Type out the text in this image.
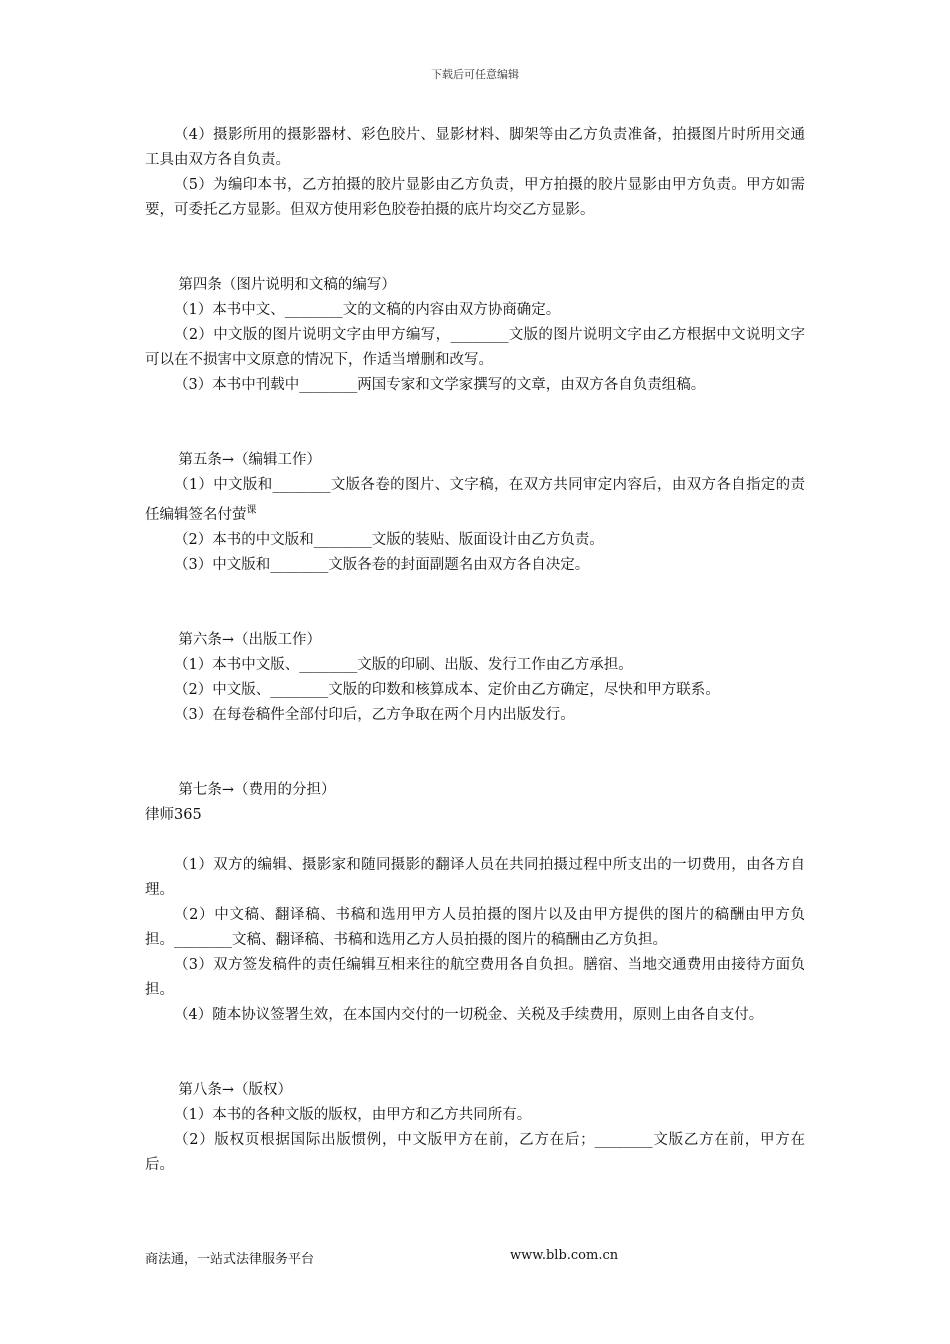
下载后可任意编辑

（4）摄影所用的摄影器材、彩色胶片、显影材料、脚架等由乙方负责准备，拍摄图片时所用交通工具由双方各自负责。

（5）为编印本书，乙方拍摄的胶片显影由乙方负责，甲方拍摄的胶片显影由甲方负责。甲方如需要，可委托乙方显影。但双方使用彩色胶卷拍摄的底片均交乙方显影。

第四条（图片说明和文稿的编写）

（1）本书中文、________文的文稿的内容由双方协商确定。

（2）中文版的图片说明文字由甲方编写，________文版的图片说明文字由乙方根据中文说明文字可以在不损害中文原意的情况下，作适当增删和改写。

（3）本书中刊载中________两国专家和文学家撰写的文章，由双方各自负责组稿。

第五条→（编辑工作）

（1）中文版和________文版各卷的图片、文字稿，在双方共同审定内容后，由双方各自指定的责任编辑签名付萤$^课$

（2）本书的中文版和________文版的装贴、版面设计由乙方负责。

（3）中文版和________文版各卷的封面副题名由双方各自决定。

第六条→（出版工作）

（1）本书中文版、________文版的印刷、出版、发行工作由乙方承担。

（2）中文版、________文版的印数和核算成本、定价由乙方确定，尽快和甲方联系。

（3）在每卷稿件全部付印后，乙方争取在两个月内出版发行。

第七条→（费用的分担）

律师365

（1）双方的编辑、摄影家和随同摄影的翻译人员在共同拍摄过程中所支出的一切费用，由各方自理。

（2）中文稿、翻译稿、书稿和选用甲方人员拍摄的图片以及由甲方提供的图片的稿酬由甲方负担。________文稿、翻译稿、书稿和选用乙方人员拍摄的图片的稿酬由乙方负担。

（3）双方签发稿件的责任编辑互相来往的航空费用各自负担。膳宿、当地交通费用由接待方面负担。

（4）随本协议签署生效，在本国内交付的一切税金、关税及手续费用，原则上由各自支付。

第八条→（版权）

（1）本书的各种文版的版权，由甲方和乙方共同所有。

（2）版权页根据国际出版惯例，中文版甲方在前，乙方在后；________文版乙方在前，甲方在后。

商法通，一站式法律服务平台	www.blb.com.cn
